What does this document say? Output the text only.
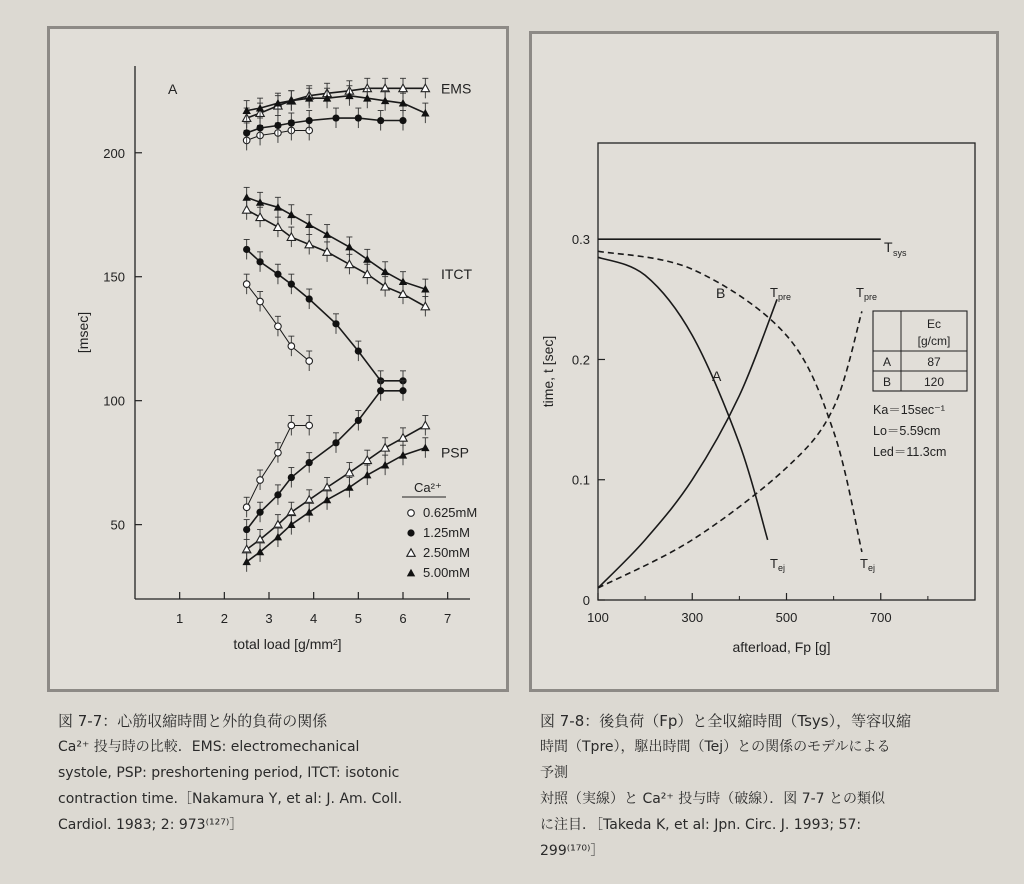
1	2	3	4	5	6	7
50
100
150
200
total load [g/mm²]
[msec]
A	EMS
ITCT
PSP
Ca²⁺
0.625mM
1.25mM
2.50mM
5.00mM
100	300	500	700
0
0.1
0.2
0.3
afterload, Fp [g]
time, t [sec]
T sys
B
A
T pre	T pre
T ej	T ej
Ec
[g/cm]
A	87
B	120
Ka＝15sec⁻¹
Lo＝5.59cm
Led＝11.3cm
図 7-7：心筋収縮時間と外的負荷の関係
Ca²⁺ 投与時の比較．EMS: electromechanical
systole, PSP: preshortening period, ITCT: isotonic
contraction time.［Nakamura Y, et al: J. Am. Coll.
Cardiol. 1983; 2: 973⁽¹²⁷⁾］
図 7-8：後負荷（Fp）と全収縮時間（Tsys），等容収縮
時間（Tpre），駆出時間（Tej）との関係のモデルによる
予測
対照（実線）と Ca²⁺ 投与時（破線）．図 7-7 との類似
に注目．［Takeda K, et al: Jpn. Circ. J. 1993; 57:
299⁽¹⁷⁰⁾］
